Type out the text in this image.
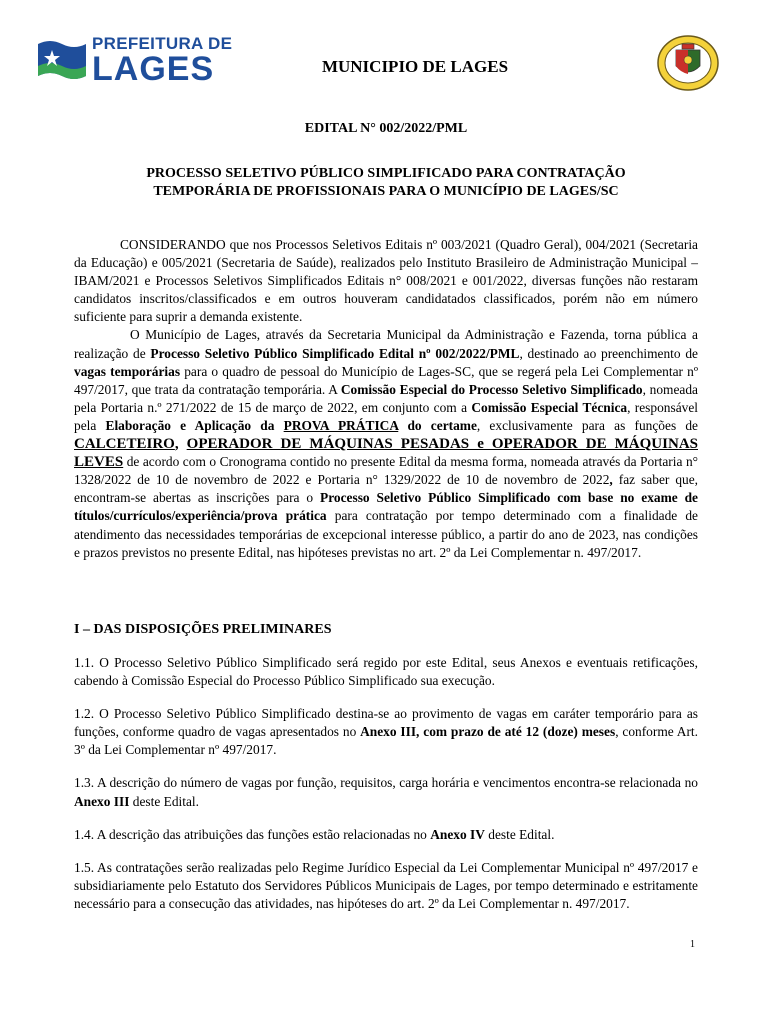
PREFEITURA DE
LAGES	MUNICIPIO DE LAGES
EDITAL N° 002/2022/PML
PROCESSO SELETIVO PÚBLICO SIMPLIFICADO PARA CONTRATAÇÃO
TEMPORÁRIA DE PROFISSIONAIS PARA O MUNICÍPIO DE LAGES/SC

CONSIDERANDO que nos Processos Seletivos Editais nº 003/2021 (Quadro Geral), 004/2021 (Secretaria da Educação) e 005/2021 (Secretaria de Saúde), realizados pelo Instituto Brasileiro de Administração Municipal – IBAM/2021 e Processos Seletivos Simplificados Editais n° 008/2021 e 001/2022, diversas funções não restaram candidatos inscritos/classificados e em outros houveram candidatados classificados, porém não em número suficiente para suprir a demanda existente.

O Município de Lages, através da Secretaria Municipal da Administração e Fazenda, torna pública a realização de Processo Seletivo Público Simplificado Edital nº 002/2022/PML, destinado ao preenchimento de vagas temporárias para o quadro de pessoal do Município de Lages-SC, que se regerá pela Lei Complementar nº 497/2017, que trata da contratação temporária. A Comissão Especial do Processo Seletivo Simplificado, nomeada pela Portaria n.º 271/2022 de 15 de março de 2022, em conjunto com a Comissão Especial Técnica, responsável pela Elaboração e Aplicação da PROVA PRÁTICA do certame, exclusivamente para as funções de CALCETEIRO, OPERADOR DE MÁQUINAS PESADAS e OPERADOR DE MÁQUINAS LEVES de acordo com o Cronograma contido no presente Edital da mesma forma, nomeada através da Portaria n° 1328/2022 de 10 de novembro de 2022 e Portaria n° 1329/2022 de 10 de novembro de 2022, faz saber que, encontram-se abertas as inscrições para o Processo Seletivo Público Simplificado com base no exame de títulos/currículos/experiência/prova prática para contratação por tempo determinado com a finalidade de atendimento das necessidades temporárias de excepcional interesse público, a partir do ano de 2023, nas condições e prazos previstos no presente Edital, nas hipóteses previstas no art. 2º da Lei Complementar n. 497/2017.

I – DAS DISPOSIÇÕES PRELIMINARES

1.1. O Processo Seletivo Público Simplificado será regido por este Edital, seus Anexos e eventuais retificações, cabendo à Comissão Especial do Processo Público Simplificado sua execução.

1.2. O Processo Seletivo Público Simplificado destina-se ao provimento de vagas em caráter temporário para as funções, conforme quadro de vagas apresentados no Anexo III, com prazo de até 12 (doze) meses, conforme Art. 3º da Lei Complementar nº 497/2017.

1.3. A descrição do número de vagas por função, requisitos, carga horária e vencimentos encontra-se relacionada no Anexo III deste Edital.

1.4. A descrição das atribuições das funções estão relacionadas no Anexo IV deste Edital.

1.5. As contratações serão realizadas pelo Regime Jurídico Especial da Lei Complementar Municipal nº 497/2017 e subsidiariamente pelo Estatuto dos Servidores Públicos Municipais de Lages, por tempo determinado e estritamente necessário para a consecução das atividades, nas hipóteses do art. 2º da Lei Complementar n. 497/2017.

1
